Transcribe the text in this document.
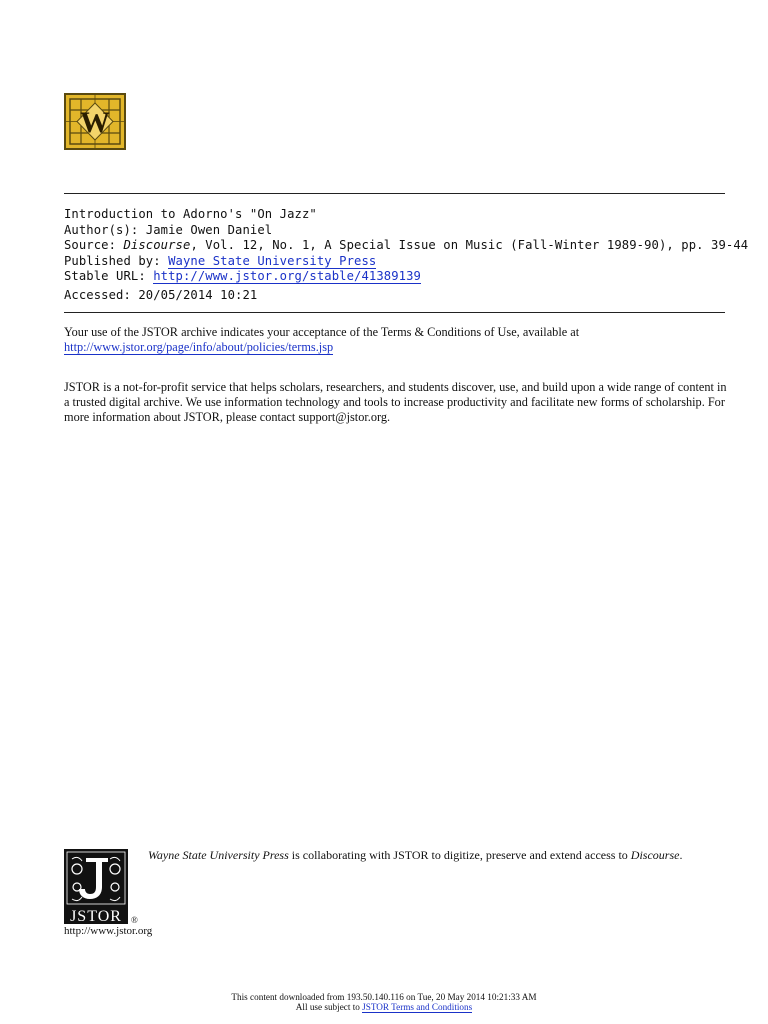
W
Introduction to Adorno's "On Jazz"
Author(s): Jamie Owen Daniel
Source: Discourse, Vol. 12, No. 1, A Special Issue on Music (Fall-Winter 1989-90), pp. 39-44
Published by: Wayne State University Press
Stable URL: http://www.jstor.org/stable/41389139
Accessed: 20/05/2014 10:21
Your use of the JSTOR archive indicates your acceptance of the Terms & Conditions of Use, available at
http://www.jstor.org/page/info/about/policies/terms.jsp
JSTOR is a not-for-profit service that helps scholars, researchers, and students discover, use, and build upon a wide range of content in a trusted digital archive. We use information technology and tools to increase productivity and facilitate new forms of scholarship. For more information about JSTOR, please contact support@jstor.org.
JSTOR ®
Wayne State University Press is collaborating with JSTOR to digitize, preserve and extend access to Discourse.
http://www.jstor.org
This content downloaded from 193.50.140.116 on Tue, 20 May 2014 10:21:33 AM
All use subject to JSTOR Terms and Conditions
